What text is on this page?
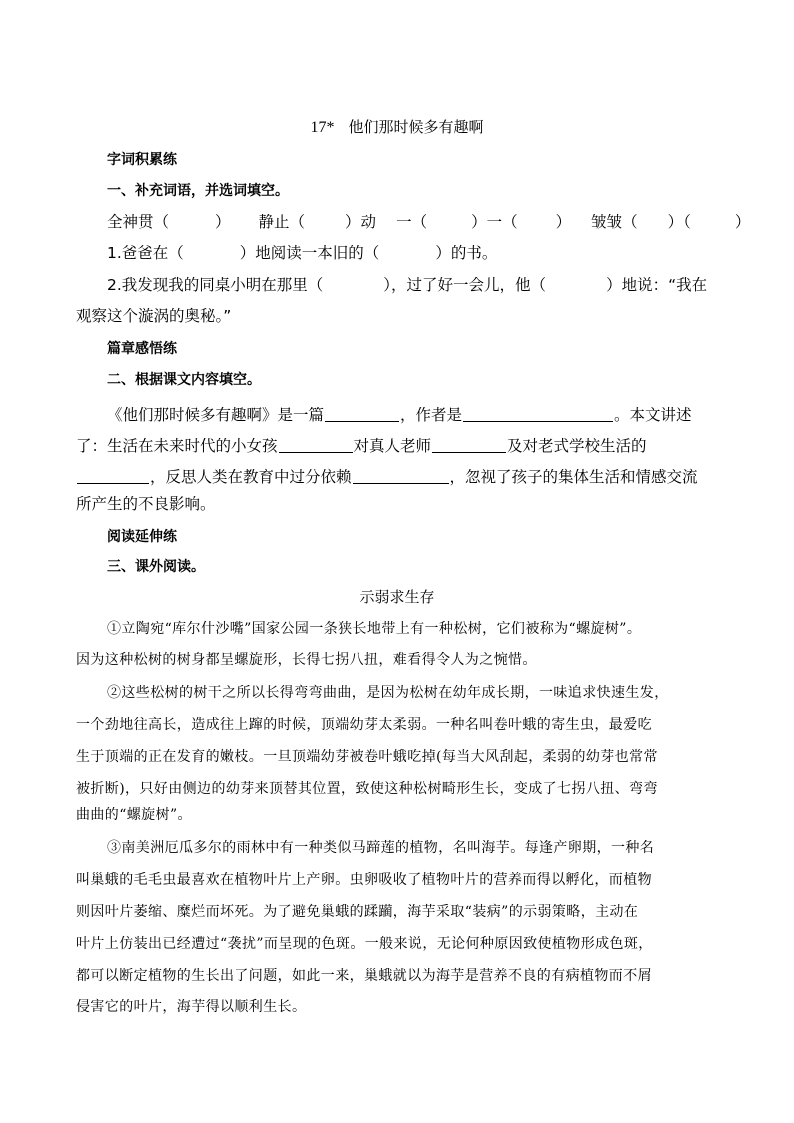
17* 他们那时候多有趣啊
字词积累练
一、补充词语，并选词填空。
全神贯（	） 静止（	）动 一（	）一（ ） 皱皱（ ）（	）
1.爸爸在（	）地阅读一本旧的（	）的书。
2.我发现我的同桌小明在那里（	），过了好一会儿，他（	）地说：“我在
观察这个漩涡的奥秘。”
篇章感悟练
二、根据课文内容填空。
《他们那时候多有趣啊》是一篇	，作者是	。本文讲述
了：生活在未来时代的小女孩	对真人老师	及对老式学校生活的
，反思人类在教育中过分依赖	，忽视了孩子的集体生活和情感交流
所产生的不良影响。
阅读延伸练
三、课外阅读。
示弱求生存
①立陶宛“库尔什沙嘴”国家公园一条狭长地带上有一种松树，它们被称为“螺旋树”。
因为这种松树的树身都呈螺旋形，长得七拐八扭，难看得令人为之惋惜。
②这些松树的树干之所以长得弯弯曲曲，是因为松树在幼年成长期，一味追求快速生发，
一个劲地往高长，造成往上蹿的时候，顶端幼芽太柔弱。一种名叫卷叶蛾的寄生虫，最爱吃
生于顶端的正在发育的嫩枝。一旦顶端幼芽被卷叶蛾吃掉(每当大风刮起，柔弱的幼芽也常常
被折断)，只好由侧边的幼芽来顶替其位置，致使这种松树畸形生长，变成了七拐八扭、弯弯
曲曲的“螺旋树”。
③南美洲厄瓜多尔的雨林中有一种类似马蹄莲的植物，名叫海芋。每逢产卵期，一种名
叫巢蛾的毛毛虫最喜欢在植物叶片上产卵。虫卵吸收了植物叶片的营养而得以孵化，而植物
则因叶片萎缩、糜烂而坏死。为了避免巢蛾的蹂躏，海芋采取“装病”的示弱策略，主动在
叶片上仿装出已经遭过“袭扰”而呈现的色斑。一般来说，无论何种原因致使植物形成色斑，
都可以断定植物的生长出了问题，如此一来，巢蛾就以为海芋是营养不良的有病植物而不屑
侵害它的叶片，海芋得以顺利生长。
